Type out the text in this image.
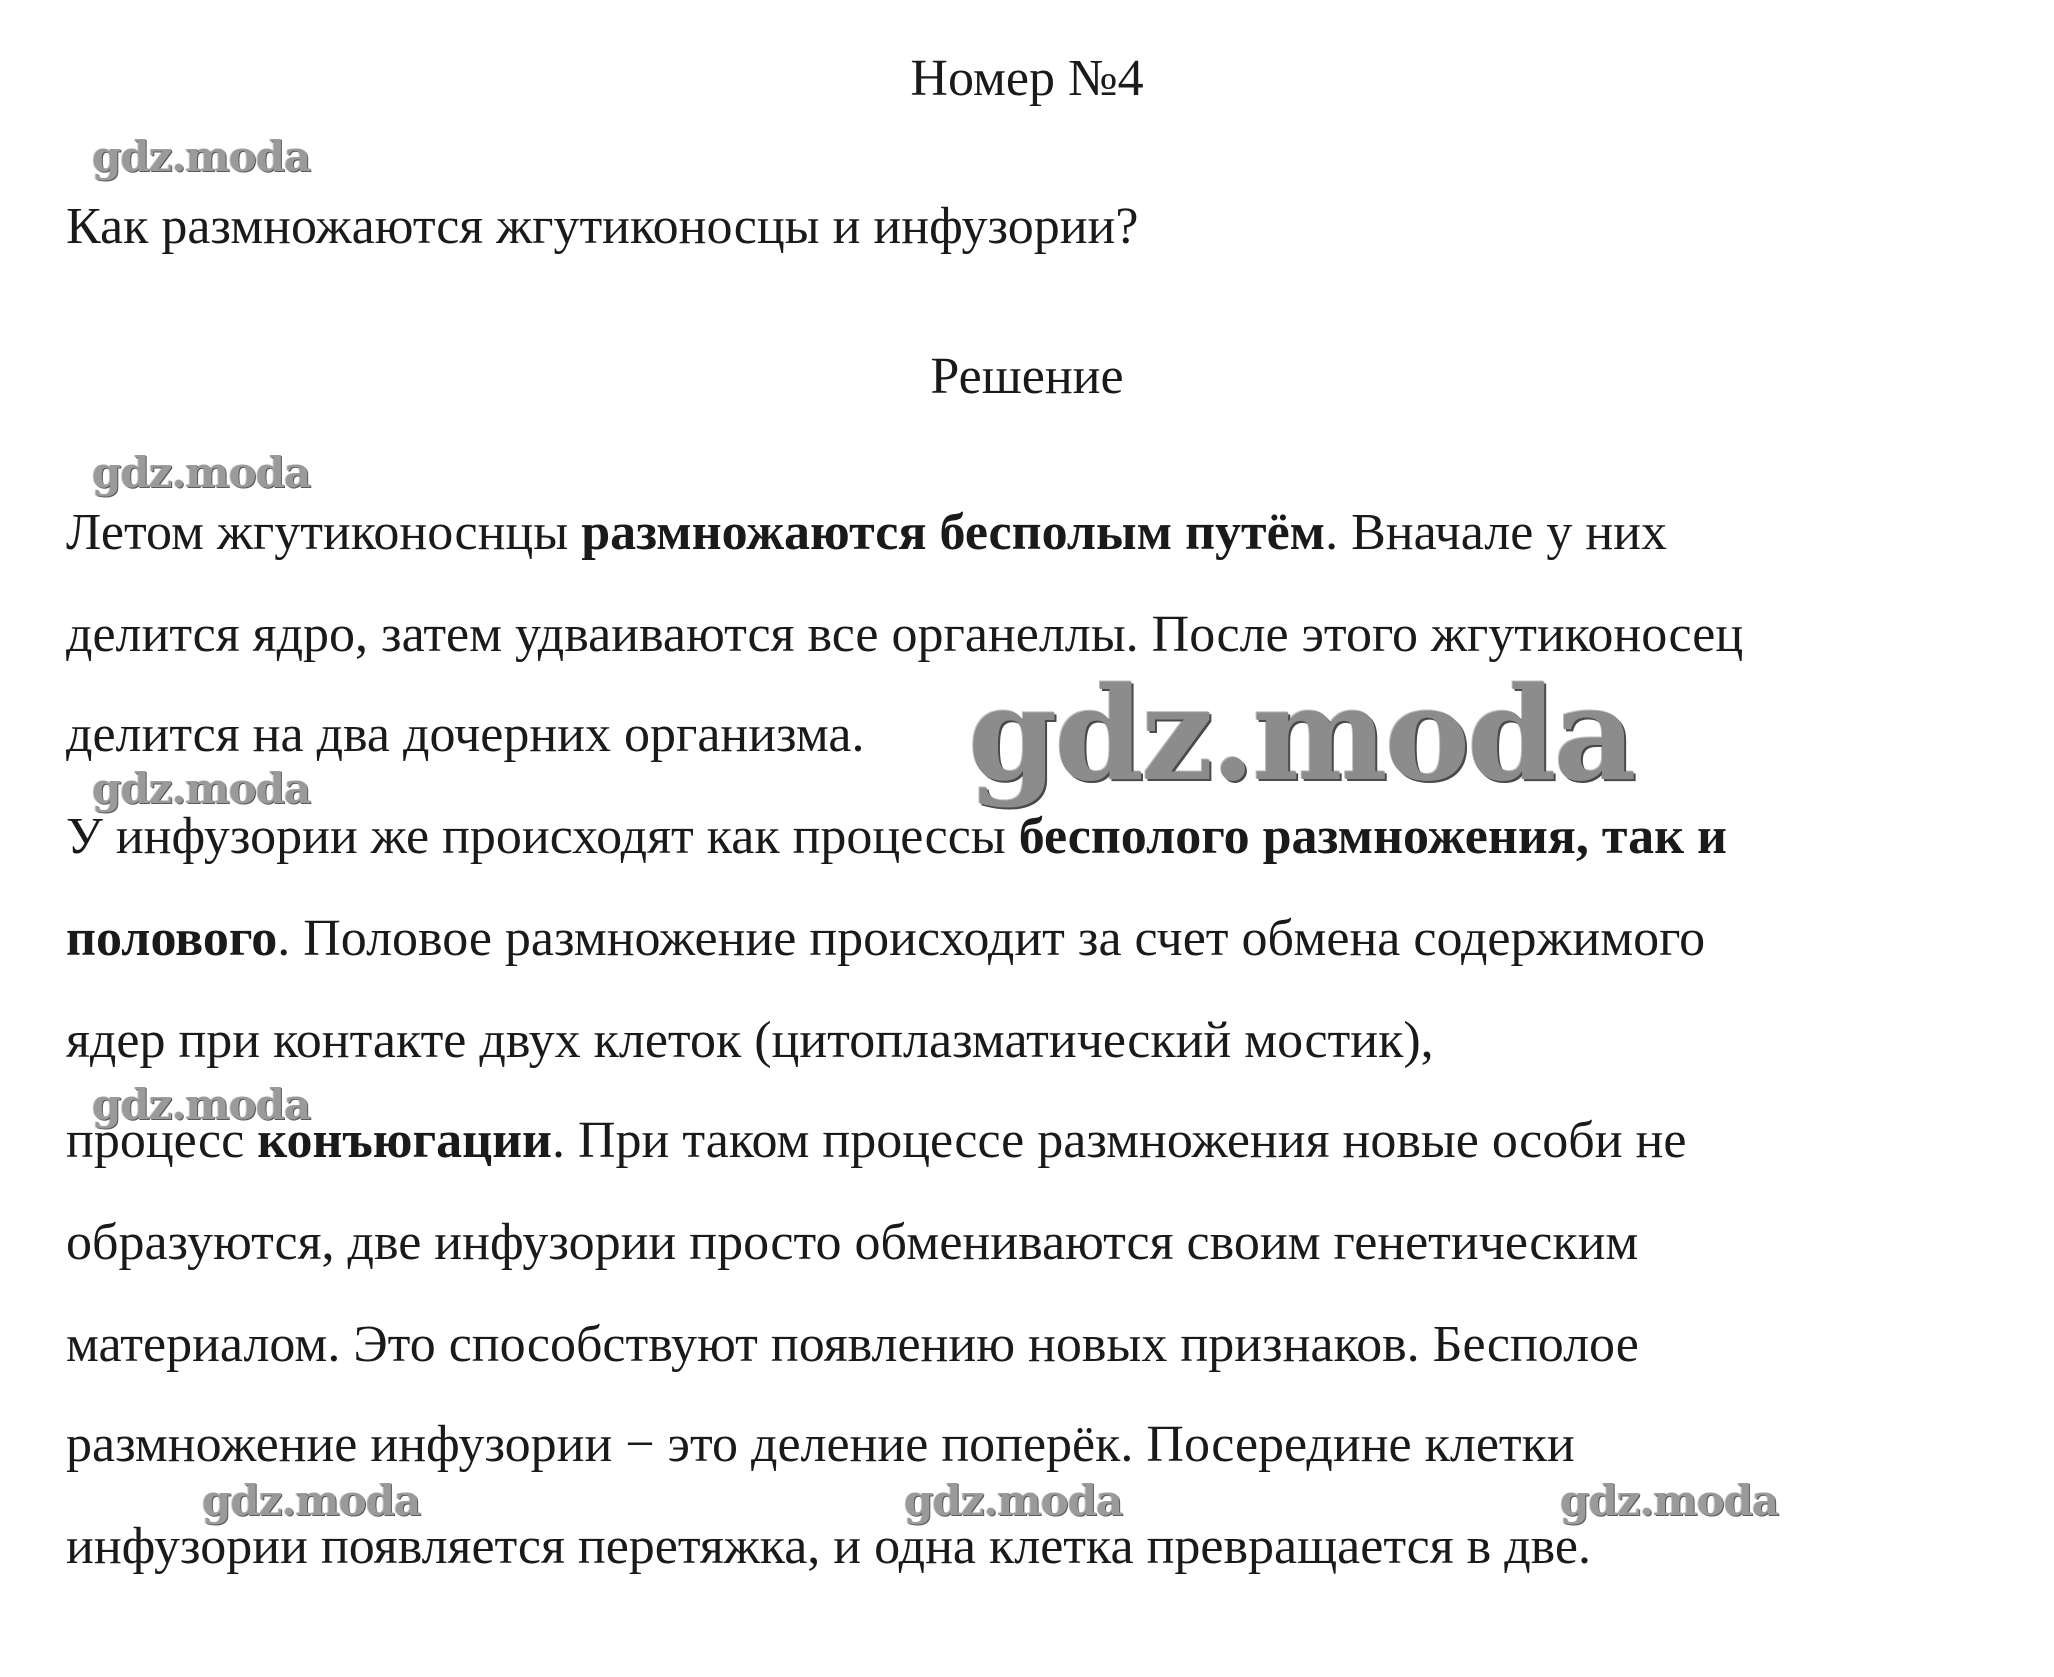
Номер №4
gdz.moda

Как размножаются жгутиконосцы и инфузории?

Решение
gdz.moda

Летом жгутиконоснцы размножаются бесполым путём. Вначале у них

делится ядро, затем удваиваются все органеллы. После этого жгутиконосец

делится на два дочерних организма. gdz.moda
gdz.moda

У инфузории же происходят как процессы бесполого размножения, так и

полового. Половое размножение происходит за счет обмена содержимого

ядер при контакте двух клеток (цитоплазматический мостик),

gdz.moda

процесс конъюгации. При таком процессе размножения новые особи не

образуются, две инфузории просто обмениваются своим генетическим

материалом. Это способствуют появлению новых признаков. Бесполое

размножение инфузории − это деление поперёк. Посередине клетки

gdz.moda	gdz.moda	gdz.moda

инфузории появляется перетяжка, и одна клетка превращается в две.
